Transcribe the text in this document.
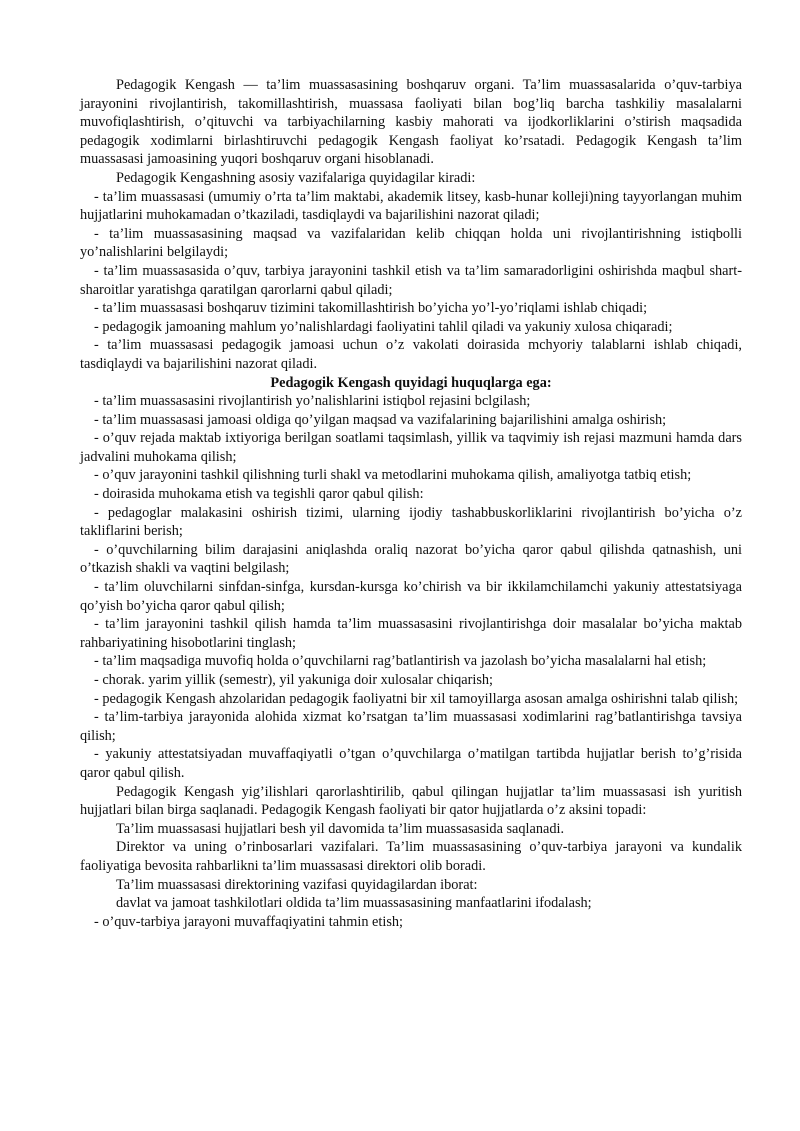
Pedagogik Kengash — ta’lim muassasasining boshqaruv organi. Ta’lim muassasalarida o’quv-tarbiya jarayonini rivojlantirish, takomillashtirish, muassasa faoliyati bilan bog’liq barcha tashkiliy masalalarni muvofiqlashtirish, o’qituvchi va tarbiyachilarning kasbiy mahorati va ijodkorliklarini o’stirish maqsadida pedagogik xodimlarni birlashtiruvchi pedagogik Kengash faoliyat ko’rsatadi. Pedagogik Kengash ta’lim muassasasi jamoasining yuqori boshqaruv organi hisoblanadi.

Pedagogik Kengashning asosiy vazifalariga quyidagilar kiradi:

- ta’lim muassasasi (umumiy o’rta ta’lim maktabi, akademik litsey, kasb-hunar kolleji)ning tayyorlangan muhim hujjatlarini muhokamadan o’tkaziladi, tasdiqlaydi va bajarilishini nazorat qiladi;

- ta’lim muassasasining maqsad va vazifalaridan kelib chiqqan holda uni rivojlantirishning istiqbolli yo’nalishlarini belgilaydi;

- ta’lim muassasasida o’quv, tarbiya jarayonini tashkil etish va ta’lim samaradorligini oshirishda maqbul shart-sharoitlar yaratishga qaratilgan qarorlarni qabul qiladi;

- ta’lim muassasasi boshqaruv tizimini takomillashtirish bo’yicha yo’l-yo’riqlami ishlab chiqadi;

- pedagogik jamoaning mahlum yo’nalishlardagi faoliyatini tahlil qiladi va yakuniy xulosa chiqaradi;

- ta’lim muassasasi pedagogik jamoasi uchun o’z vakolati doirasida mchyoriy talablarni ishlab chiqadi, tasdiqlaydi va bajarilishini nazorat qiladi.

Pedagogik Kengash quyidagi huquqlarga ega:

- ta’lim muassasasini rivojlantirish yo’nalishlarini istiqbol rejasini bclgilash;

- ta’lim muassasasi jamoasi oldiga qo’yilgan maqsad va vazifalarining bajarilishini amalga oshirish;

- o’quv rejada maktab ixtiyoriga berilgan soatlami taqsimlash, yillik va taqvimiy ish rejasi mazmuni hamda dars jadvalini muhokama qilish;

- o’quv jarayonini tashkil qilishning turli shakl va metodlarini muhokama qilish, amaliyotga tatbiq etish;

- doirasida muhokama etish va tegishli qaror qabul qilish:

- pedagoglar malakasini oshirish tizimi, ularning ijodiy tashabbuskorliklarini rivojlantirish bo’yicha o’z takliflarini berish;

- o’quvchilarning bilim darajasini aniqlashda oraliq nazorat bo’yicha qaror qabul qilishda qatnashish, uni o’tkazish shakli va vaqtini belgilash;

- ta’lim oluvchilarni sinfdan-sinfga, kursdan-kursga ko’chirish va bir ikkilamchilamchi yakuniy attestatsiyaga qo’yish bo’yicha qaror qabul qilish;

- ta’lim jarayonini tashkil qilish hamda ta’lim muassasasini rivojlantirishga doir masalalar bo’yicha maktab rahbariyatining hisobotlarini tinglash;

- ta’lim maqsadiga muvofiq holda o’quvchilarni rag’batlantirish va jazolash bo’yicha masalalarni hal etish;

- chorak. yarim yillik (semestr), yil yakuniga doir xulosalar chiqarish;

- pedagogik Kengash ahzolaridan pedagogik faoliyatni bir xil tamoyillarga asosan amalga oshirishni talab qilish;

- ta’lim-tarbiya jarayonida alohida xizmat ko’rsatgan ta’lim muassasasi xodimlarini rag’batlantirishga tavsiya qilish;

- yakuniy attestatsiyadan muvaffaqiyatli o’tgan o’quvchilarga o’matilgan tartibda hujjatlar berish to’g’risida qaror qabul qilish.

Pedagogik Kengash yig’ilishlari qarorlashtirilib, qabul qilingan hujjatlar ta’lim muassasasi ish yuritish hujjatlari bilan birga saqlanadi. Pedagogik Kengash faoliyati bir qator hujjatlarda o’z aksini topadi:

Ta’lim muassasasi hujjatlari besh yil davomida ta’lim muassasasida saqlanadi.

Direktor va uning o’rinbosarlari vazifalari. Ta’lim muassasasining o’quv-tarbiya jarayoni va kundalik faoliyatiga bevosita rahbarlikni ta’lim muassasasi direktori olib boradi.

Ta’lim muassasasi direktorining vazifasi quyidagilardan iborat:

davlat va jamoat tashkilotlari oldida ta’lim muassasasining manfaatlarini ifodalash;

- o’quv-tarbiya jarayoni muvaffaqiyatini tahmin etish;
